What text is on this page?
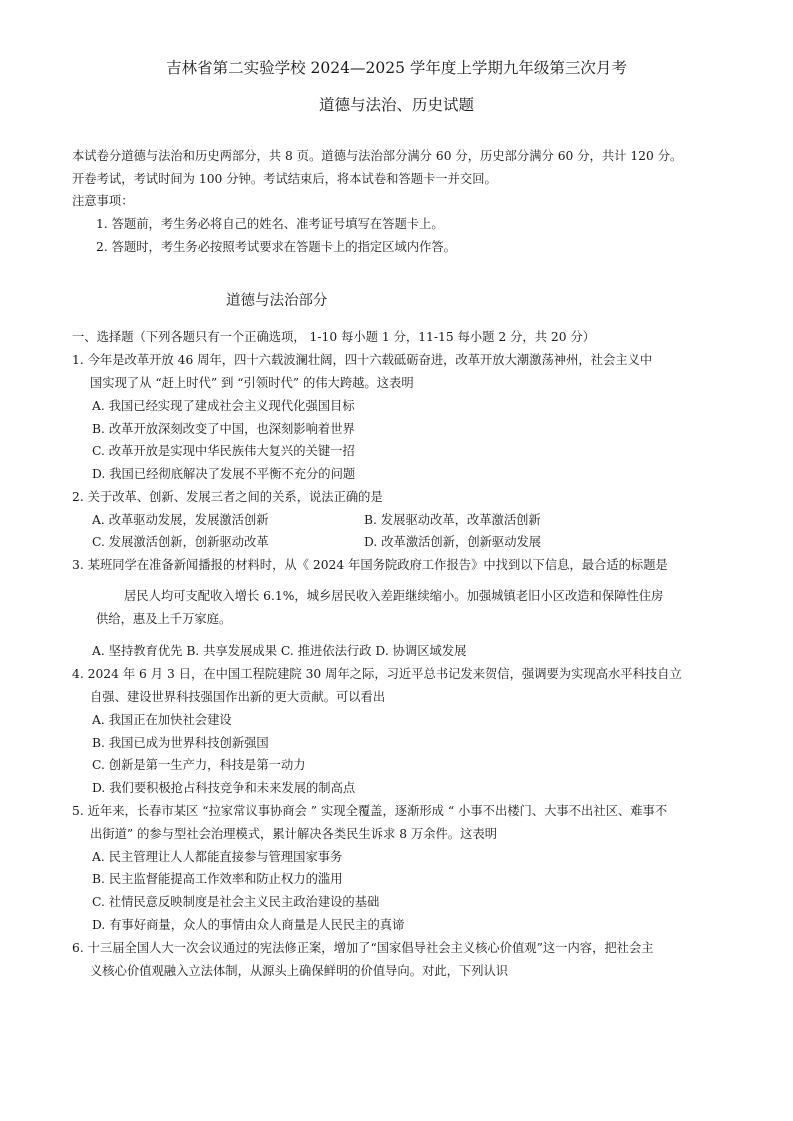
吉林省第二实验学校 2024—2025 学年度上学期九年级第三次月考
道德与法治、历史试题
本试卷分道德与法治和历史两部分，共 8 页。道德与法治部分满分 60 分，历史部分满分 60 分，共计 120 分。
开卷考试，考试时间为 100 分钟。考试结束后，将本试卷和答题卡一并交回。
注意事项：
1. 答题前，考生务必将自己的姓名、准考证号填写在答题卡上。
2. 答题时，考生务必按照考试要求在答题卡上的指定区域内作答。
道德与法治部分
一、选择题（下列各题只有一个正确选项， 1-10 每小题 1 分，11-15 每小题 2 分，共 20 分）
1. 今年是改革开放 46 周年，四十六载波澜壮阔，四十六载砥砺奋进，改革开放大潮激荡神州，社会主义中
国实现了从 “赶上时代” 到 “引领时代” 的伟大跨越。这表明
A. 我国已经实现了建成社会主义现代化强国目标
B. 改革开放深刻改变了中国，也深刻影响着世界
C. 改革开放是实现中华民族伟大复兴的关键一招
D. 我国已经彻底解决了发展不平衡不充分的问题
2. 关于改革、创新、发展三者之间的关系，说法正确的是
A. 改革驱动发展，发展激活创新	B. 发展驱动改革，改革激活创新
C. 发展激活创新，创新驱动改革	D. 改革激活创新，创新驱动发展
3. 某班同学在准备新闻播报的材料时，从《 2024 年国务院政府工作报告》中找到以下信息，最合适的标题是
居民人均可支配收入增长 6.1%，城乡居民收入差距继续缩小。加强城镇老旧小区改造和保障性住房
供给，惠及上千万家庭。
A. 坚持教育优先 B. 共享发展成果 C. 推进依法行政 D. 协调区域发展
4. 2024 年 6 月 3 日，在中国工程院建院 30 周年之际，习近平总书记发来贺信，强调要为实现高水平科技自立
自强、建设世界科技强国作出新的更大贡献。可以看出
A. 我国正在加快社会建设
B. 我国已成为世界科技创新强国
C. 创新是第一生产力，科技是第一动力
D. 我们要积极抢占科技竞争和未来发展的制高点
5. 近年来，长春市某区 “拉家常议事协商会 ” 实现全覆盖，逐渐形成 “ 小事不出楼门、大事不出社区、难事不
出街道” 的参与型社会治理模式，累计解决各类民生诉求 8 万余件。这表明
A. 民主管理让人人都能直接参与管理国家事务
B. 民主监督能提高工作效率和防止权力的滥用
C. 社情民意反映制度是社会主义民主政治建设的基础
D. 有事好商量，众人的事情由众人商量是人民民主的真谛
6. 十三届全国人大一次会议通过的宪法修正案，增加了“国家倡导社会主义核心价值观”这一内容，把社会主
义核心价值观融入立法体制，从源头上确保鲜明的价值导向。对此，下列认识
